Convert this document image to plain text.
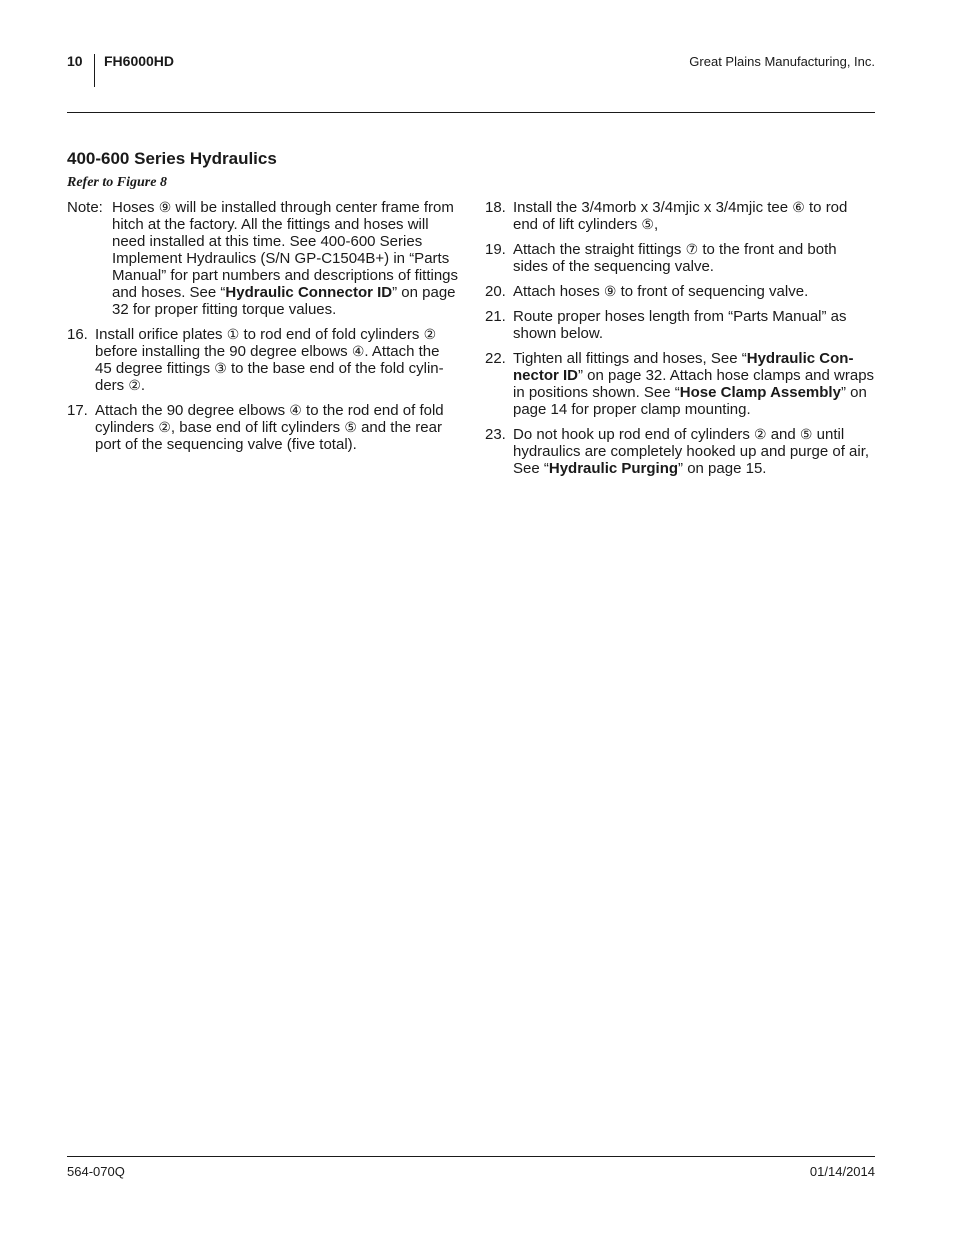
10 FH6000HD	Great Plains Manufacturing, Inc.
400-600 Series Hydraulics
Refer to Figure 8
Note: Hoses ⑨ will be installed through center frame from hitch at the factory. All the fittings and hoses will need installed at this time. See 400-600 Series Implement Hydraulics (S/N GP-C1504B+) in “Parts Manual” for part numbers and descriptions of fittings and hoses. See “Hydraulic Connector ID” on page 32 for proper fitting torque values.
16. Install orifice plates ① to rod end of fold cylinders ② before installing the 90 degree elbows ④. Attach the 45 degree fittings ③ to the base end of the fold cylinders ②.
17. Attach the 90 degree elbows ④ to the rod end of fold cylinders ②, base end of lift cylinders ⑤ and the rear port of the sequencing valve (five total).
18. Install the 3/4morb x 3/4mjic x 3/4mjic tee ⑥ to rod end of lift cylinders ⑤,
19. Attach the straight fittings ⑦ to the front and both sides of the sequencing valve.
20. Attach hoses ⑨ to front of sequencing valve.
21. Route proper hoses length from “Parts Manual” as shown below.
22. Tighten all fittings and hoses, See “Hydraulic Connector ID” on page 32. Attach hose clamps and wraps in positions shown. See “Hose Clamp Assembly” on page 14 for proper clamp mounting.
23. Do not hook up rod end of cylinders ② and ⑤ until hydraulics are completely hooked up and purge of air, See “Hydraulic Purging” on page 15.
564-070Q	01/14/2014
